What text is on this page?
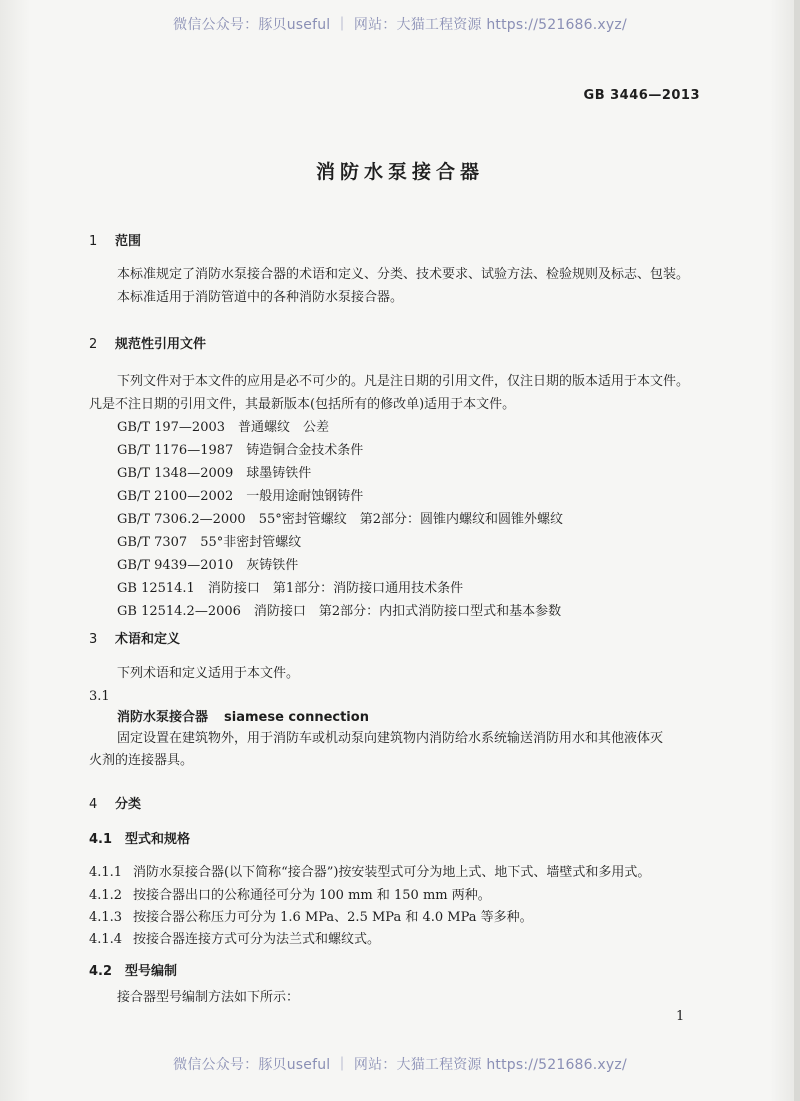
微信公众号：豚贝useful ｜ 网站：大猫工程资源 https://521686.xyz/
GB 3446—2013
消防水泵接合器
1 范围
本标准规定了消防水泵接合器的术语和定义、分类、技术要求、试验方法、检验规则及标志、包装。
本标准适用于消防管道中的各种消防水泵接合器。
2 规范性引用文件
下列文件对于本文件的应用是必不可少的。凡是注日期的引用文件，仅注日期的版本适用于本文件。
凡是不注日期的引用文件，其最新版本(包括所有的修改单)适用于本文件。
GB/T 197—2003　普通螺纹　公差
GB/T 1176—1987　铸造铜合金技术条件
GB/T 1348—2009　球墨铸铁件
GB/T 2100—2002　一般用途耐蚀钢铸件
GB/T 7306.2—2000　55°密封管螺纹　第2部分：圆锥内螺纹和圆锥外螺纹
GB/T 7307　55°非密封管螺纹
GB/T 9439—2010　灰铸铁件
GB 12514.1　消防接口　第1部分：消防接口通用技术条件
GB 12514.2—2006　消防接口　第2部分：内扣式消防接口型式和基本参数
3 术语和定义
下列术语和定义适用于本文件。
3.1
消防水泵接合器 siamese connection
固定设置在建筑物外，用于消防车或机动泵向建筑物内消防给水系统输送消防用水和其他液体灭
火剂的连接器具。
4 分类
4.1 型式和规格
4.1.1 消防水泵接合器(以下简称“接合器”)按安装型式可分为地上式、地下式、墙壁式和多用式。
4.1.2 按接合器出口的公称通径可分为 100 mm 和 150 mm 两种。
4.1.3 按接合器公称压力可分为 1.6 MPa、2.5 MPa 和 4.0 MPa 等多种。
4.1.4 按接合器连接方式可分为法兰式和螺纹式。
4.2 型号编制
接合器型号编制方法如下所示：
1
微信公众号：豚贝useful ｜ 网站：大猫工程资源 https://521686.xyz/
